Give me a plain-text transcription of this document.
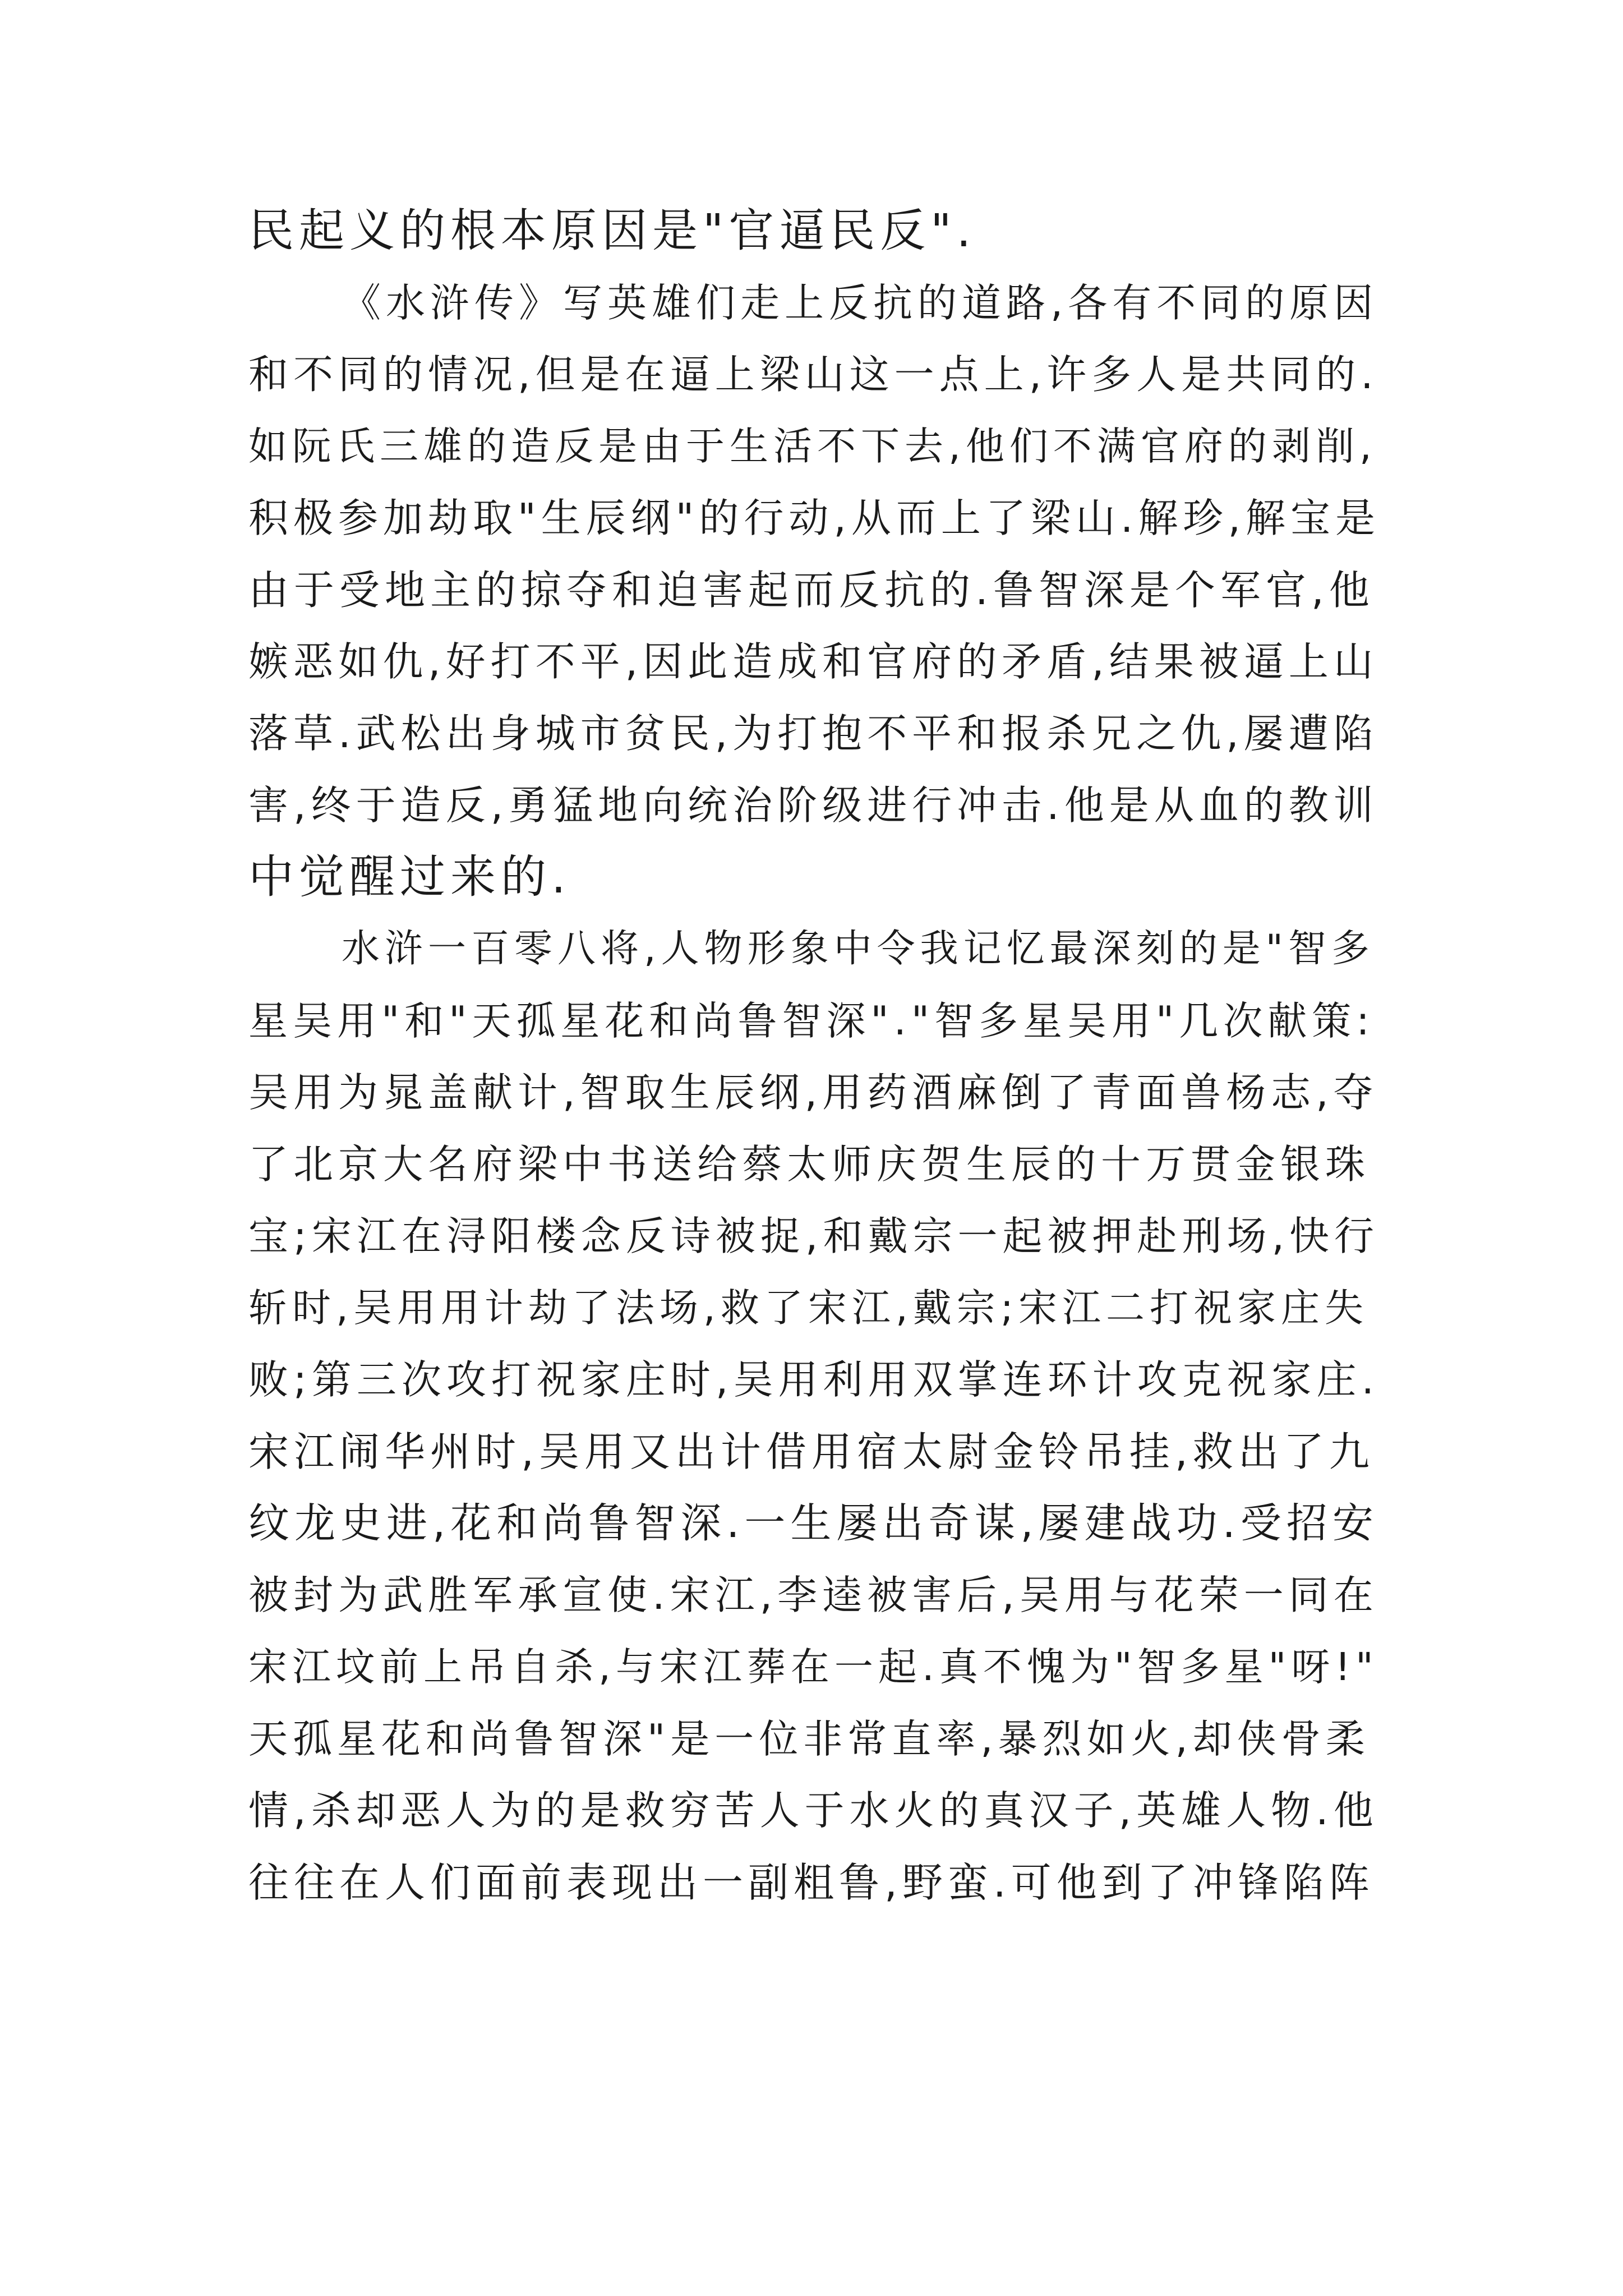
民起义的根本原因是"官逼民反".
《水浒传》写英雄们走上反抗的道路,各有不同的原因
和不同的情况,但是在逼上梁山这一点上,许多人是共同的.
如阮氏三雄的造反是由于生活不下去,他们不满官府的剥削,
积极参加劫取"生辰纲"的行动,从而上了梁山.解珍,解宝是
由于受地主的掠夺和迫害起而反抗的.鲁智深是个军官,他
嫉恶如仇,好打不平,因此造成和官府的矛盾,结果被逼上山
落草.武松出身城市贫民,为打抱不平和报杀兄之仇,屡遭陷
害,终于造反,勇猛地向统治阶级进行冲击.他是从血的教训
中觉醒过来的.
水浒一百零八将,人物形象中令我记忆最深刻的是"智多
星吴用"和"天孤星花和尚鲁智深"."智多星吴用"几次献策:
吴用为晁盖献计,智取生辰纲,用药酒麻倒了青面兽杨志,夺
了北京大名府梁中书送给蔡太师庆贺生辰的十万贯金银珠
宝;宋江在浔阳楼念反诗被捉,和戴宗一起被押赴刑场,快行
斩时,吴用用计劫了法场,救了宋江,戴宗;宋江二打祝家庄失
败;第三次攻打祝家庄时,吴用利用双掌连环计攻克祝家庄.
宋江闹华州时,吴用又出计借用宿太尉金铃吊挂,救出了九
纹龙史进,花和尚鲁智深.一生屡出奇谋,屡建战功.受招安
被封为武胜军承宣使.宋江,李逵被害后,吴用与花荣一同在
宋江坟前上吊自杀,与宋江葬在一起.真不愧为"智多星"呀!"
天孤星花和尚鲁智深"是一位非常直率,暴烈如火,却侠骨柔
情,杀却恶人为的是救穷苦人于水火的真汉子,英雄人物.他
往往在人们面前表现出一副粗鲁,野蛮.可他到了冲锋陷阵
